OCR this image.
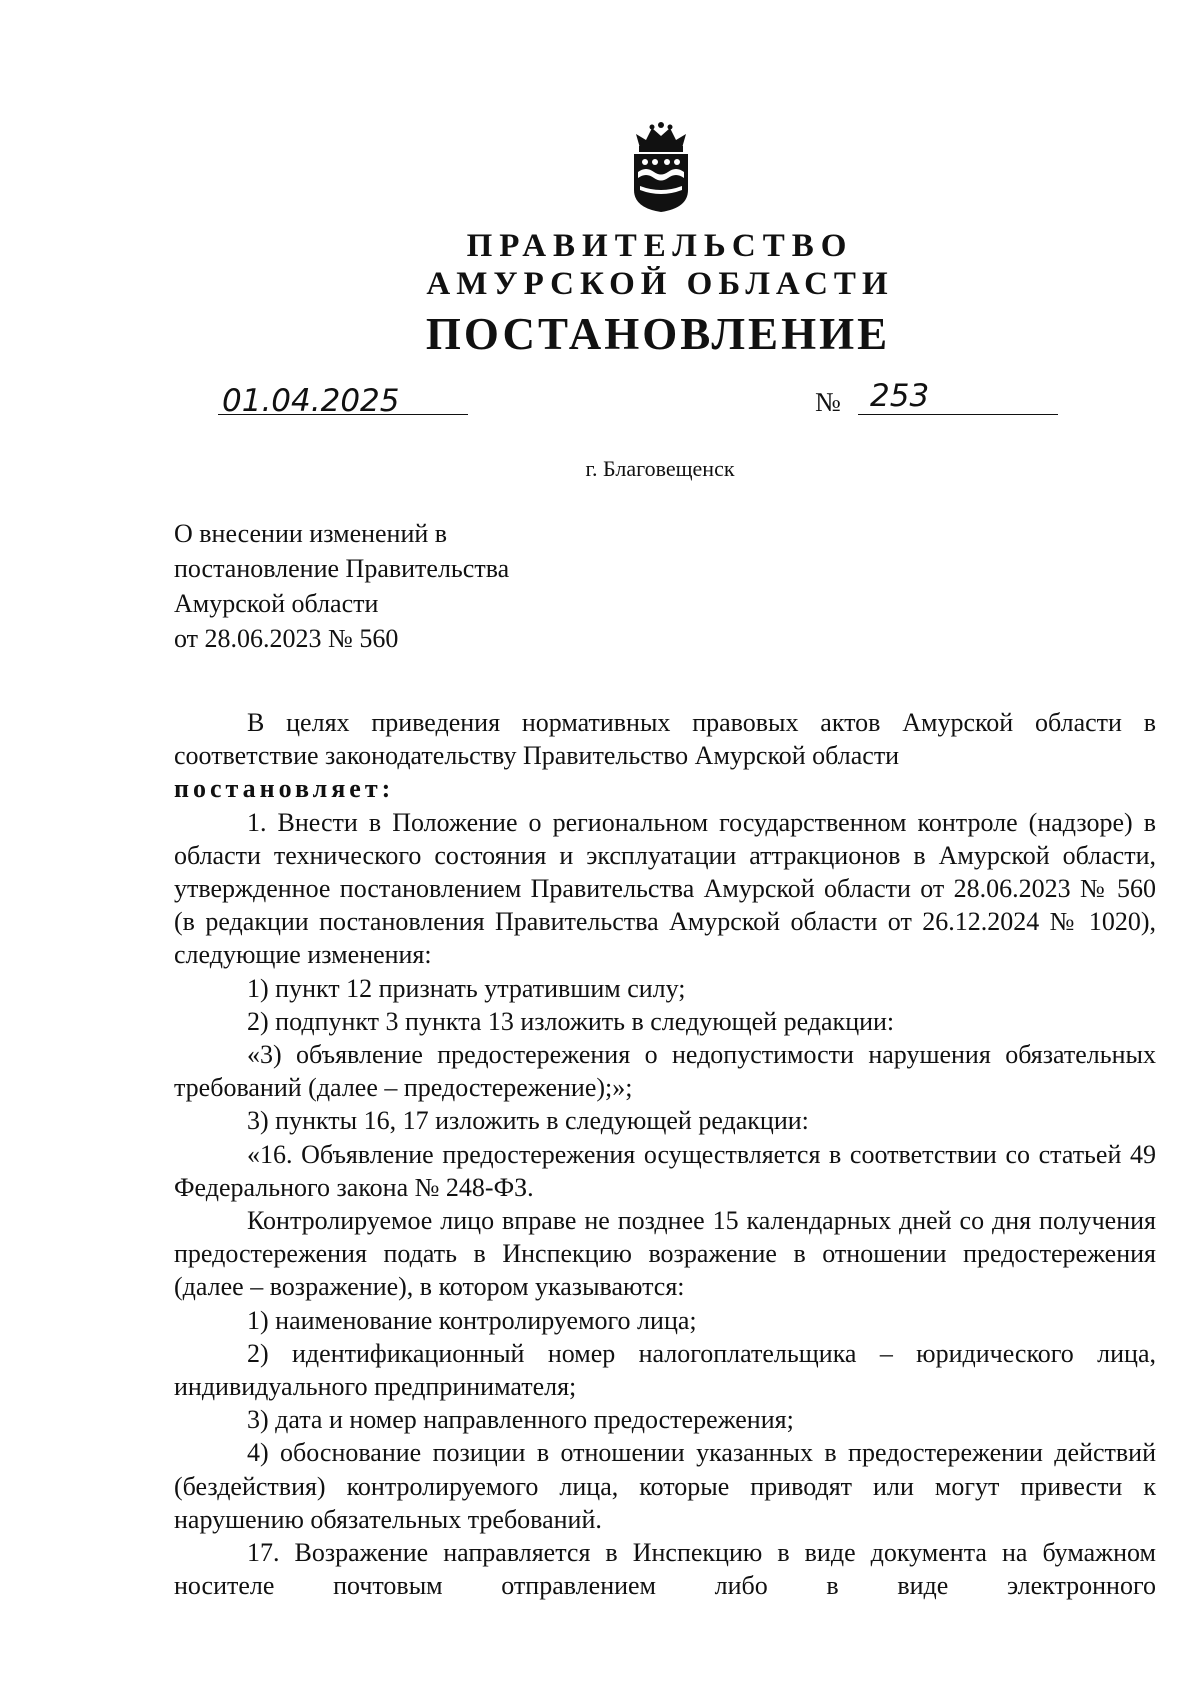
ПРАВИТЕЛЬСТВО
АМУРСКОЙ ОБЛАСТИ
ПОСТАНОВЛЕНИЕ
01.04.2025	№ 253
г. Благовещенск
О внесении изменений в
постановление Правительства
Амурской области
от 28.06.2023 № 560

В целях приведения нормативных правовых актов Амурской области в соответствие законодательству Правительство Амурской области

постановляет:

1. Внести в Положение о региональном государственном контроле (надзоре) в области технического состояния и эксплуатации аттракционов в Амурской области, утвержденное постановлением Правительства Амурской области от 28.06.2023 № 560 (в редакции постановления Правительства Амурской области от 26.12.2024 № 1020), следующие изменения:

1) пункт 12 признать утратившим силу;

2) подпункт 3 пункта 13 изложить в следующей редакции:

«3) объявление предостережения о недопустимости нарушения обязательных требований (далее – предостережение);»;

3) пункты 16, 17 изложить в следующей редакции:

«16. Объявление предостережения осуществляется в соответствии со статьей 49 Федерального закона № 248-ФЗ.

Контролируемое лицо вправе не позднее 15 календарных дней со дня получения предостережения подать в Инспекцию возражение в отношении предостережения (далее – возражение), в котором указываются:

1) наименование контролируемого лица;

2) идентификационный номер налогоплательщика – юридического лица, индивидуального предпринимателя;

3) дата и номер направленного предостережения;

4) обоснование позиции в отношении указанных в предостережении действий (бездействия) контролируемого лица, которые приводят или могут привести к нарушению обязательных требований.

17. Возражение направляется в Инспекцию в виде документа на бумажном носителе почтовым отправлением либо в виде электронного
